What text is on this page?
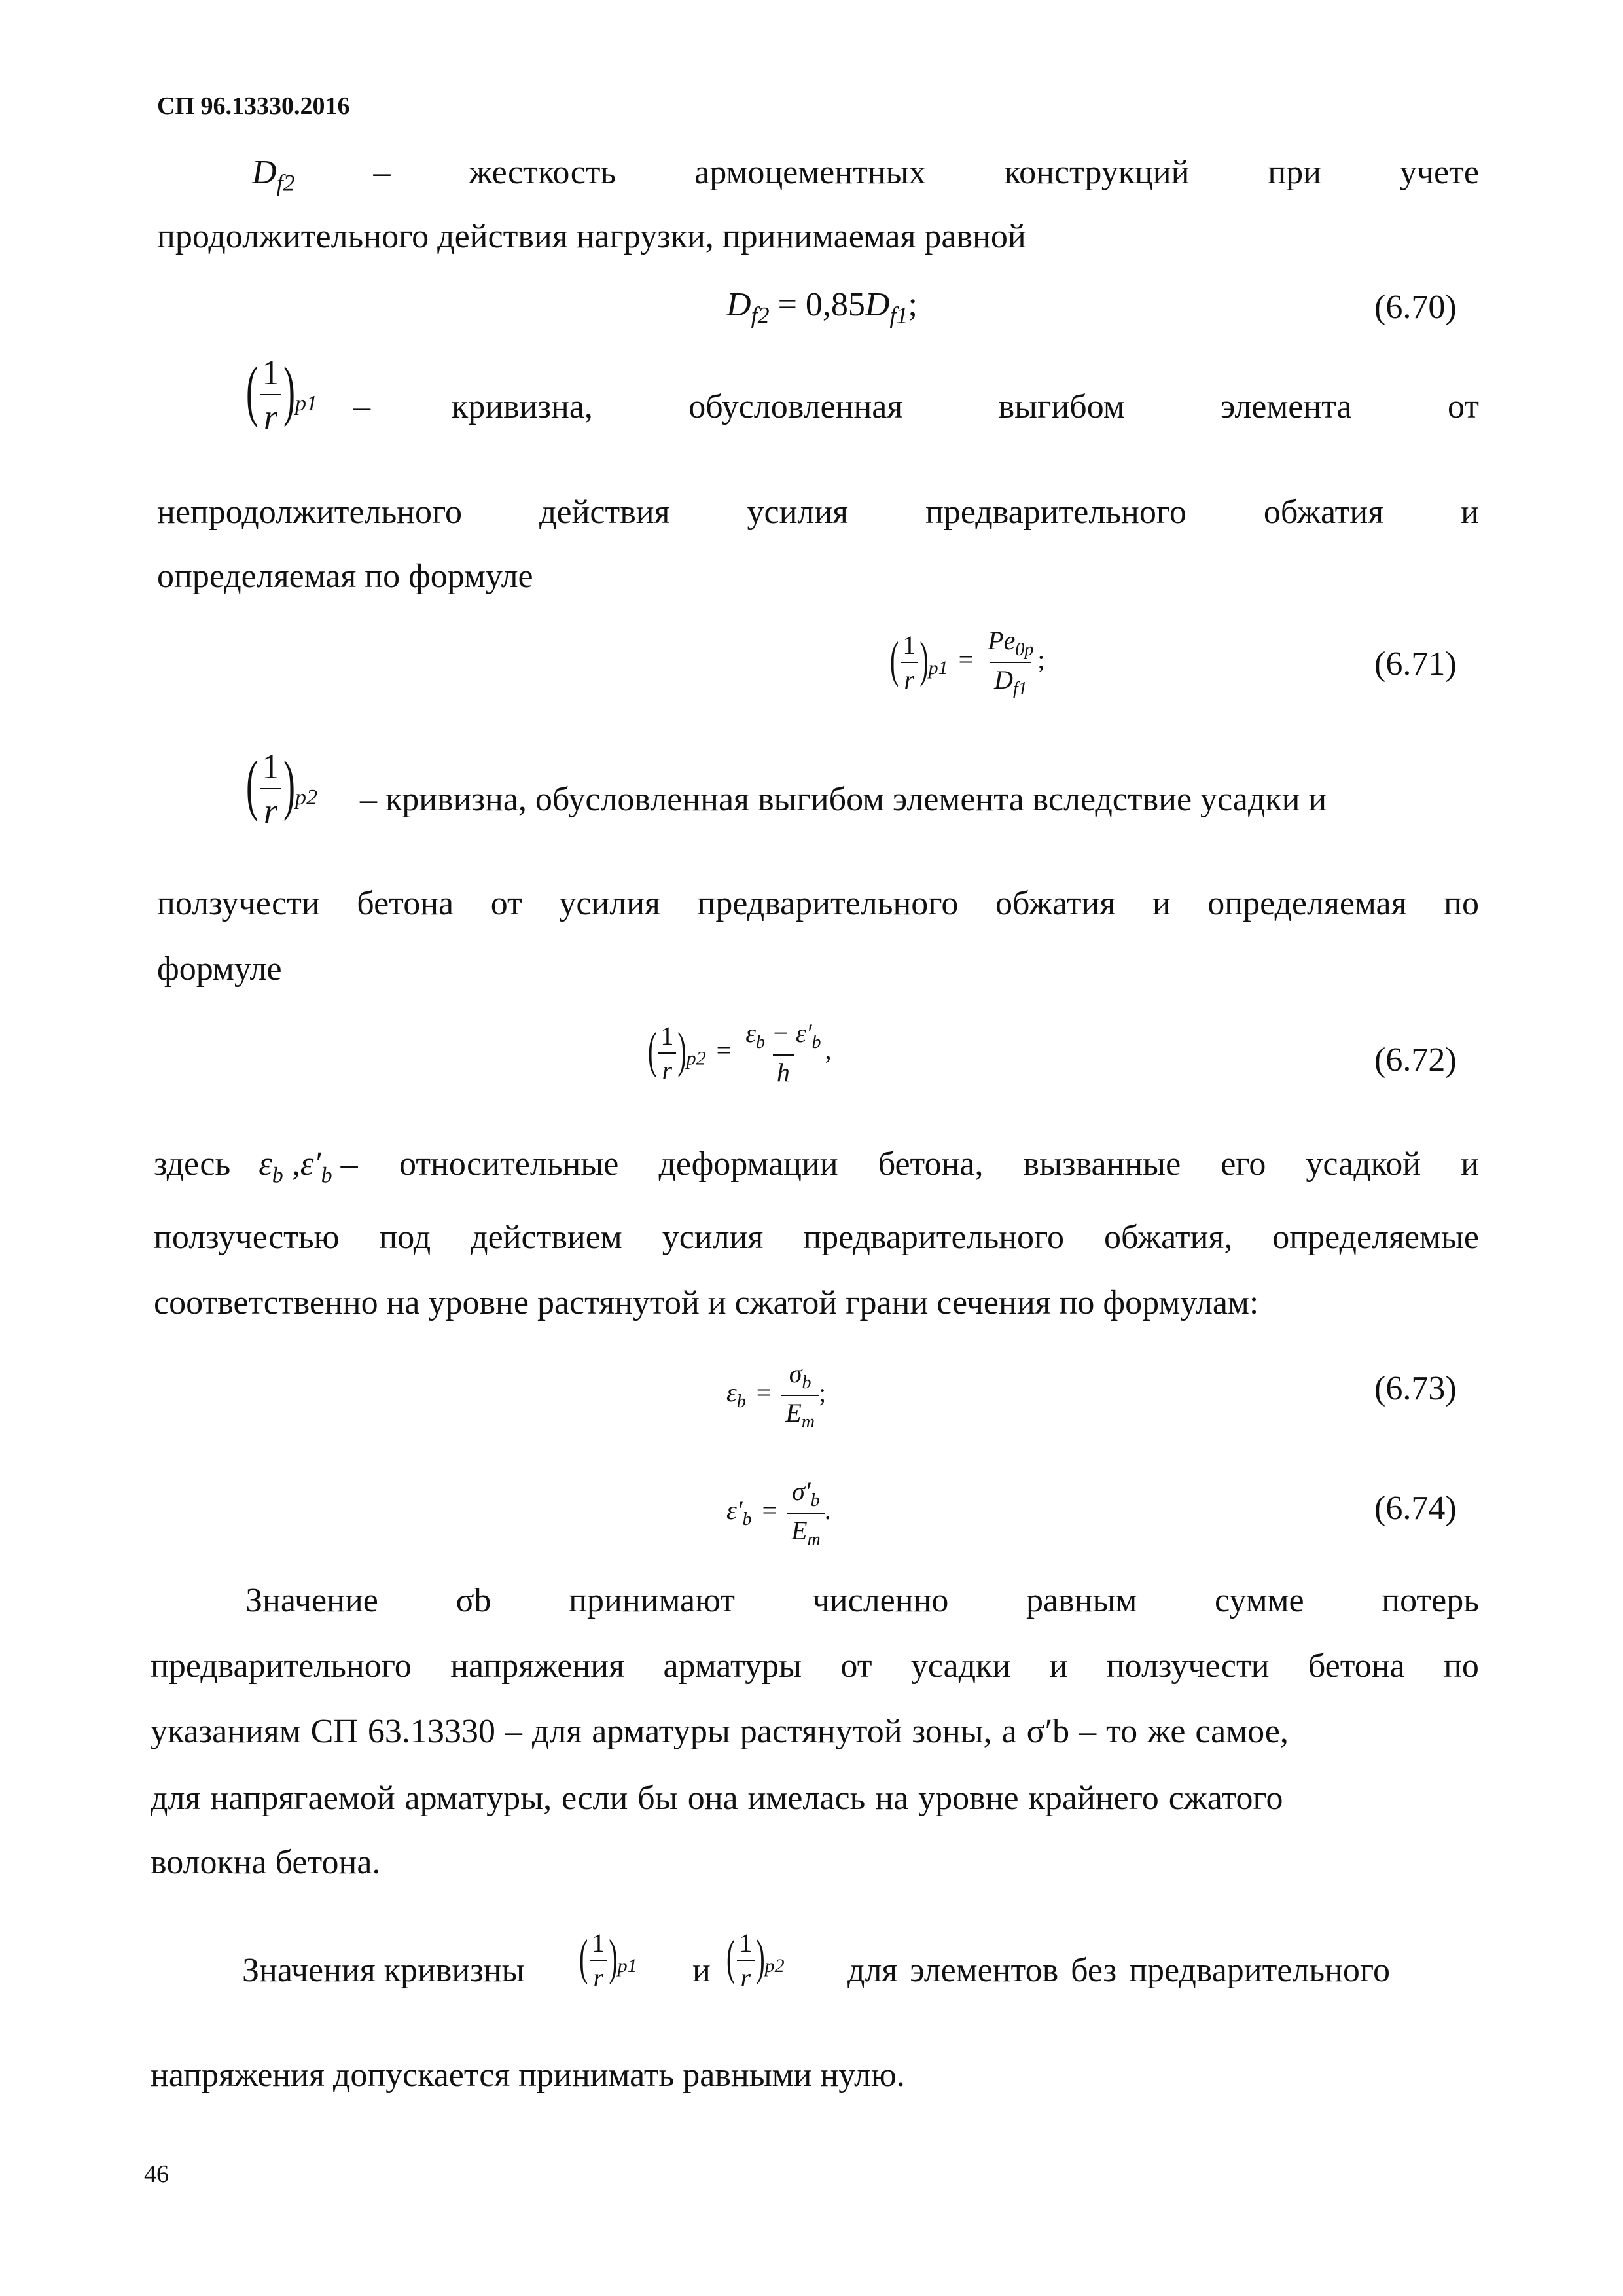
СП 96.13330.2016
$D_{f2}$ – жесткость армоцементных конструкций при учете
продолжительного действия нагрузки, принимаемая равной
$D_{f2} = 0,85D_{f1}$;	(6.70)
( $\frac{1}{r} )_{p1}$ – кривизна,	обусловленная	выгибом	элемента	от
непродолжительного действия усилия предварительного обжатия и
определяемая по формуле
( $\frac{1}{r} )_{p1} = \frac{Pe_{0p}}{D_{f1}}$ ;	(6.71)
( $\frac{1}{r} )_{p2}$ – кривизна, обусловленная выгибом элемента вследствие усадки и
ползучести бетона от усилия предварительного обжатия и определяемая по
формуле
( $\frac{1}{r} )_{p2} = \frac{\varepsilon_b - \varepsilon'_b}{h}$ ,	(6.72)
здесь $\varepsilon_b$ $,\varepsilon'_b$ – относительные деформации бетона, вызванные его усадкой и
ползучестью под действием усилия предварительного обжатия, определяемые
соответственно на уровне растянутой и сжатой грани сечения по формулам:
$\varepsilon_b = \frac{\sigma_b}{E_m}$ ;	(6.73)
$\varepsilon'_b = \frac{\sigma'_b}{E_m}$ .	(6.74)
Значение σb принимают численно равным сумме потерь
предварительного напряжения арматуры от усадки и ползучести бетона по
указаниям СП 63.13330 – для арматуры растянутой зоны, а σ′b – то же самое,
для напрягаемой арматуры, если бы она имелась на уровне крайнего сжатого
волокна бетона.
Значения кривизны ( $\frac{1}{r} )_{p1}$ и ( $\frac{1}{r} )_{p2}$ для элементов без предварительного
напряжения допускается принимать равными нулю.
46
